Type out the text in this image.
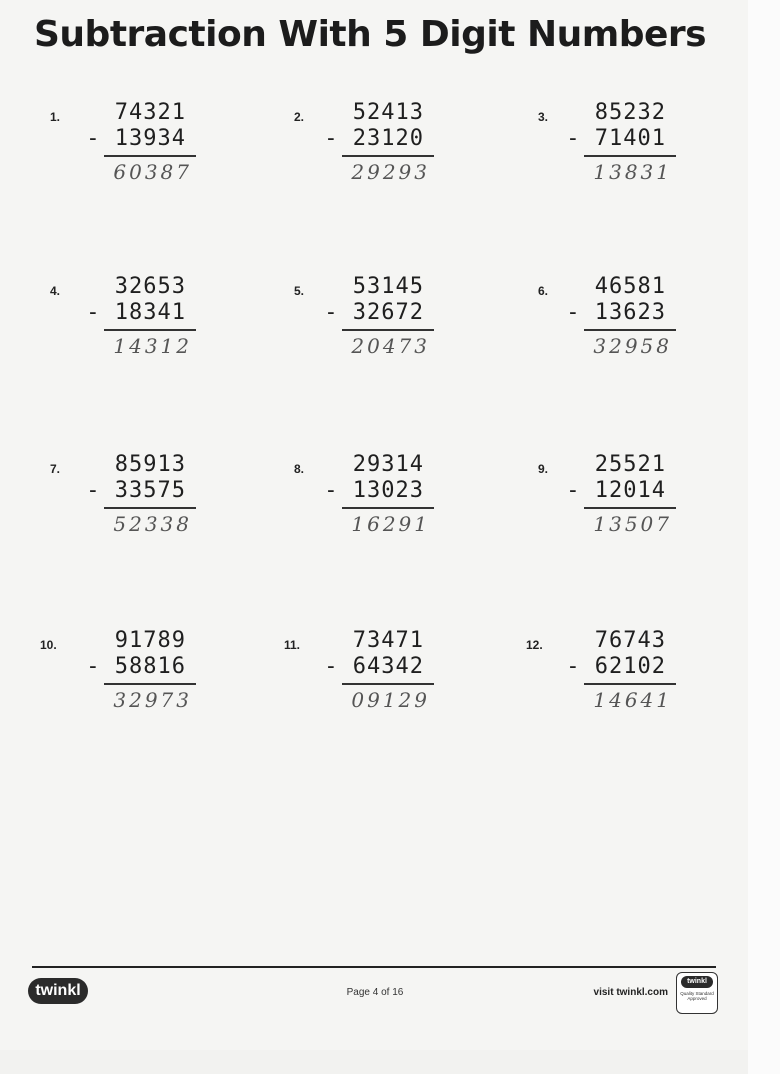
Subtraction With 5 Digit Numbers
1. 74321
- 13934
60387
2. 52413
- 23120
29293
3. 85232
- 71401
13831
4. 32653
- 18341
14312
5. 53145
- 32672
20473
6. 46581
- 13623
32958
7. 85913
- 33575
52338
8. 29314
- 13023
16291
9. 25521
- 12014
13507
10.	91789
- 58816
32973
11. 73471
- 64342
09129
12. 76743
- 62102
14641
twinkl	Page 4 of 16	visit twinkl.com
twinkl
Quality Standard Approved
